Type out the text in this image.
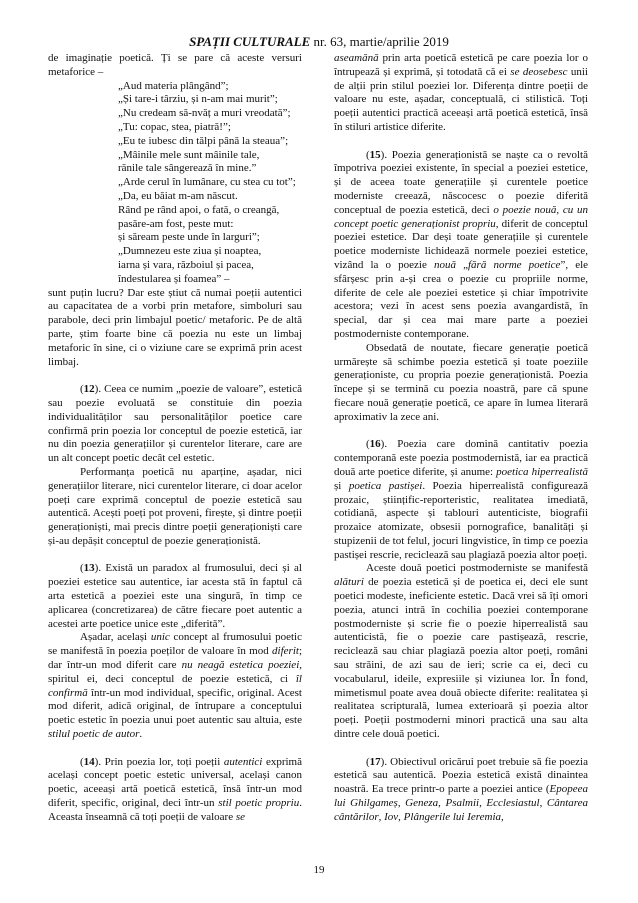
SPAȚII CULTURALE nr. 63, martie/aprilie 2019

de imaginație poetică. Ți se pare că aceste versuri metaforice –

„Aud materia plângând”;
„Și tare-i târziu, și n-am mai murit”;
„Nu credeam să-nvăț a muri vreodată”;
„Tu: copac, stea, piatră!”;
„Eu te iubesc din tălpi până la steaua”;
„Mâinile mele sunt mâinile tale,
rănile tale sângerează în mine.”
„Arde cerul în lumânare, cu stea cu tot”;
„Da, eu băiat m-am născut.
Rând pe rând apoi, o fată, o creangă,
pasăre-am fost, peste mut:
și săream peste unde în larguri”;
„Dumnezeu este ziua și noaptea,
iarna și vara, războiul și pacea,
îndestularea și foamea” –

sunt puțin lucru? Dar este știut că numai poeții autentici au capacitatea de a vorbi prin metafore, simboluri sau parabole, deci prin limbajul poetic/ metaforic. Pe de altă parte, știm foarte bine că poezia nu este un limbaj metaforic în sine, ci o viziune care se exprimă prin acest limbaj.

(12). Ceea ce numim „poezie de valoare”, estetică sau poezie evoluată se constituie din poezia individualităților sau personalităților poetice care confirmă prin poezia lor conceptul de poezie estetică, iar nu din poezia generațiilor și curentelor literare, care are un alt concept poetic decât cel estetic.

Performanța poetică nu aparține, așadar, nici generațiilor literare, nici curentelor literare, ci doar acelor poeți care exprimă conceptul de poezie estetică sau autentică. Acești poeți pot proveni, firește, și dintre poeții generaționiști, mai precis dintre poeții generaționiști care și-au depășit conceptul de poezie generaționistă.

(13). Există un paradox al frumosului, deci și al poeziei estetice sau autentice, iar acesta stă în faptul că arta estetică a poeziei este una singură, în timp ce aplicarea (concretizarea) de către fiecare poet autentic a acestei arte poetice unice este „diferită”.

Așadar, același unic concept al frumosului poetic se manifestă în poezia poeților de valoare în mod diferit; dar într-un mod diferit care nu neagă estetica poeziei, spiritul ei, deci conceptul de poezie estetică, ci îl confirmă într-un mod individual, specific, original. Acest mod diferit, adică original, de întrupare a conceptului poetic estetic în poezia unui poet autentic sau altuia, este stilul poetic de autor.

(14). Prin poezia lor, toți poeții autentici exprimă același concept poetic estetic universal, același canon poetic, aceeași artă poetică estetică, însă într-un mod diferit, specific, original, deci într-un stil poetic propriu. Aceasta înseamnă că toți poeții de valoare se

aseamănă prin arta poetică estetică pe care poezia lor o întrupează și exprimă, și totodată că ei se deosebesc unii de alții prin stilul poeziei lor. Diferența dintre poeții de valoare nu este, așadar, conceptuală, ci stilistică. Toți poeții autentici practică aceeași artă poetică estetică, însă în stiluri artistice diferite.

(15). Poezia generaționistă se naște ca o revoltă împotriva poeziei existente, în special a poeziei estetice, și de aceea toate generațiile și curentele poetice moderniste creează, născocesc o poezie diferită conceptual de poezia estetică, deci o poezie nouă, cu un concept poetic generaționist propriu, diferit de conceptul poeziei estetice. Dar deși toate generațiile și curentele poetice moderniste lichidează normele poeziei estetice, vizând la o poezie nouă „fără norme poetice”, ele sfârșesc prin a-și crea o poezie cu propriile norme, diferite de cele ale poeziei estetice și chiar împotrivite acestora; vezi în acest sens poezia avangardistă, în special, dar și cea mai mare parte a poeziei postmoderniste contemporane.

Obsedată de noutate, fiecare generație poetică urmărește să schimbe poezia estetică și toate poeziile generaționiste, cu propria poezie generaționistă. Poezia începe și se termină cu poezia noastră, pare că spune fiecare nouă generație poetică, ce apare în lumea literară aproximativ la zece ani.

(16). Poezia care domină cantitativ poezia contemporană este poezia postmodernistă, iar ea practică două arte poetice diferite, și anume: poetica hiperrealistă și poetica pastișei. Poezia hiperrealistă configurează prozaic, științific-reporteristic, realitatea imediată, cotidiană, aspecte și tablouri autenticiste, biografii prozaice atomizate, obsesii pornografice, banalități și stupizenii de tot felul, jocuri lingvistice, în timp ce poezia pastișei rescrie, reciclează sau plagiază poezia altor poeți.

Aceste două poetici postmoderniste se manifestă alături de poezia estetică și de poetica ei, deci ele sunt poetici modeste, ineficiente estetic. Dacă vrei să îți omori poezia, atunci intră în cochilia poeziei contemporane postmoderniste și scrie fie o poezie hiperrealistă sau autenticistă, fie o poezie care pastișează, rescrie, reciclează sau chiar plagiază poezia altor poeți, români sau străini, de azi sau de ieri; scrie ca ei, deci cu vocabularul, ideile, expresiile și viziunea lor. În fond, mimetismul poate avea două obiecte diferite: realitatea și realitatea scripturală, lumea exterioară și poezia altor poeți. Poeții postmoderni minori practică una sau alta dintre cele două poetici.

(17). Obiectivul oricărui poet trebuie să fie poezia estetică sau autentică. Poezia estetică există dinaintea noastră. Ea trece printr-o parte a poeziei antice (Epopeea lui Ghilgameș, Geneza, Psalmii, Ecclesiastul, Cântarea cântărilor, Iov, Plângerile lui Ieremia,

19
